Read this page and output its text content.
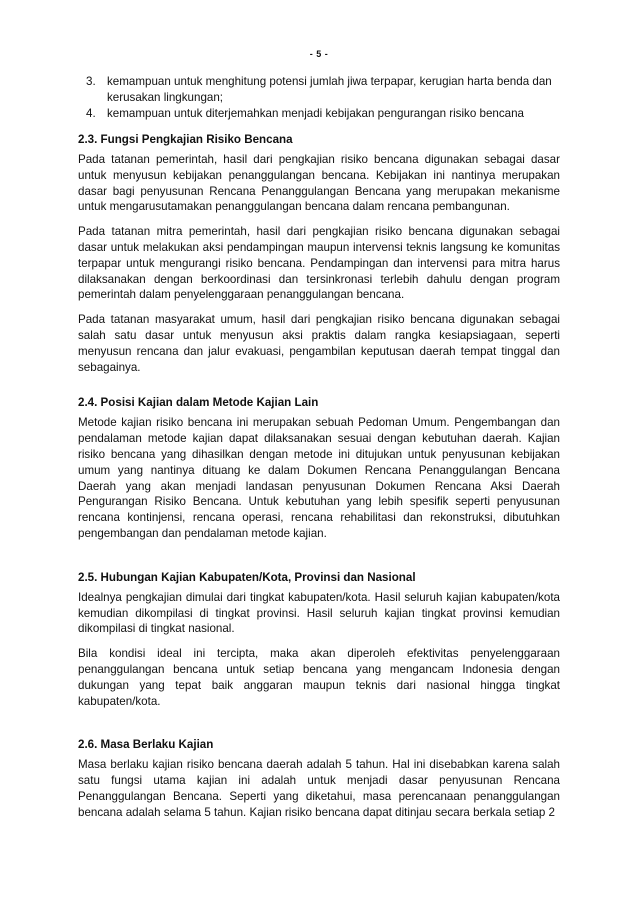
- 5 -
3. kemampuan untuk menghitung potensi jumlah jiwa terpapar, kerugian harta benda dan kerusakan lingkungan;
4. kemampuan untuk diterjemahkan menjadi kebijakan pengurangan risiko bencana
2.3. Fungsi Pengkajian Risiko Bencana

Pada tatanan pemerintah, hasil dari pengkajian risiko bencana digunakan sebagai dasar untuk menyusun kebijakan penanggulangan bencana. Kebijakan ini nantinya merupakan dasar bagi penyusunan Rencana Penanggulangan Bencana yang merupakan mekanisme untuk mengarusutamakan penanggulangan bencana dalam rencana pembangunan.

Pada tatanan mitra pemerintah, hasil dari pengkajian risiko bencana digunakan sebagai dasar untuk melakukan aksi pendampingan maupun intervensi teknis langsung ke komunitas terpapar untuk mengurangi risiko bencana. Pendampingan dan intervensi para mitra harus dilaksanakan dengan berkoordinasi dan tersinkronasi terlebih dahulu dengan program pemerintah dalam penyelenggaraan penanggulangan bencana.

Pada tatanan masyarakat umum, hasil dari pengkajian risiko bencana digunakan sebagai salah satu dasar untuk menyusun aksi praktis dalam rangka kesiapsiagaan, seperti menyusun rencana dan jalur evakuasi, pengambilan keputusan daerah tempat tinggal dan sebagainya.

2.4. Posisi Kajian dalam Metode Kajian Lain

Metode kajian risiko bencana ini merupakan sebuah Pedoman Umum. Pengembangan dan pendalaman metode kajian dapat dilaksanakan sesuai dengan kebutuhan daerah. Kajian risiko bencana yang dihasilkan dengan metode ini ditujukan untuk penyusunan kebijakan umum yang nantinya dituang ke dalam Dokumen Rencana Penanggulangan Bencana Daerah yang akan menjadi landasan penyusunan Dokumen Rencana Aksi Daerah Pengurangan Risiko Bencana. Untuk kebutuhan yang lebih spesifik seperti penyusunan rencana kontinjensi, rencana operasi, rencana rehabilitasi dan rekonstruksi, dibutuhkan pengembangan dan pendalaman metode kajian.

2.5. Hubungan Kajian Kabupaten/Kota, Provinsi dan Nasional

Idealnya pengkajian dimulai dari tingkat kabupaten/kota. Hasil seluruh kajian kabupaten/kota kemudian dikompilasi di tingkat provinsi. Hasil seluruh kajian tingkat provinsi kemudian dikompilasi di tingkat nasional.

Bila kondisi ideal ini tercipta, maka akan diperoleh efektivitas penyelenggaraan penanggulangan bencana untuk setiap bencana yang mengancam Indonesia dengan dukungan yang tepat baik anggaran maupun teknis dari nasional hingga tingkat kabupaten/kota.

2.6. Masa Berlaku Kajian

Masa berlaku kajian risiko bencana daerah adalah 5 tahun. Hal ini disebabkan karena salah satu fungsi utama kajian ini adalah untuk menjadi dasar penyusunan Rencana Penanggulangan Bencana. Seperti yang diketahui, masa perencanaan penanggulangan bencana adalah selama 5 tahun. Kajian risiko bencana dapat ditinjau secara berkala setiap 2
